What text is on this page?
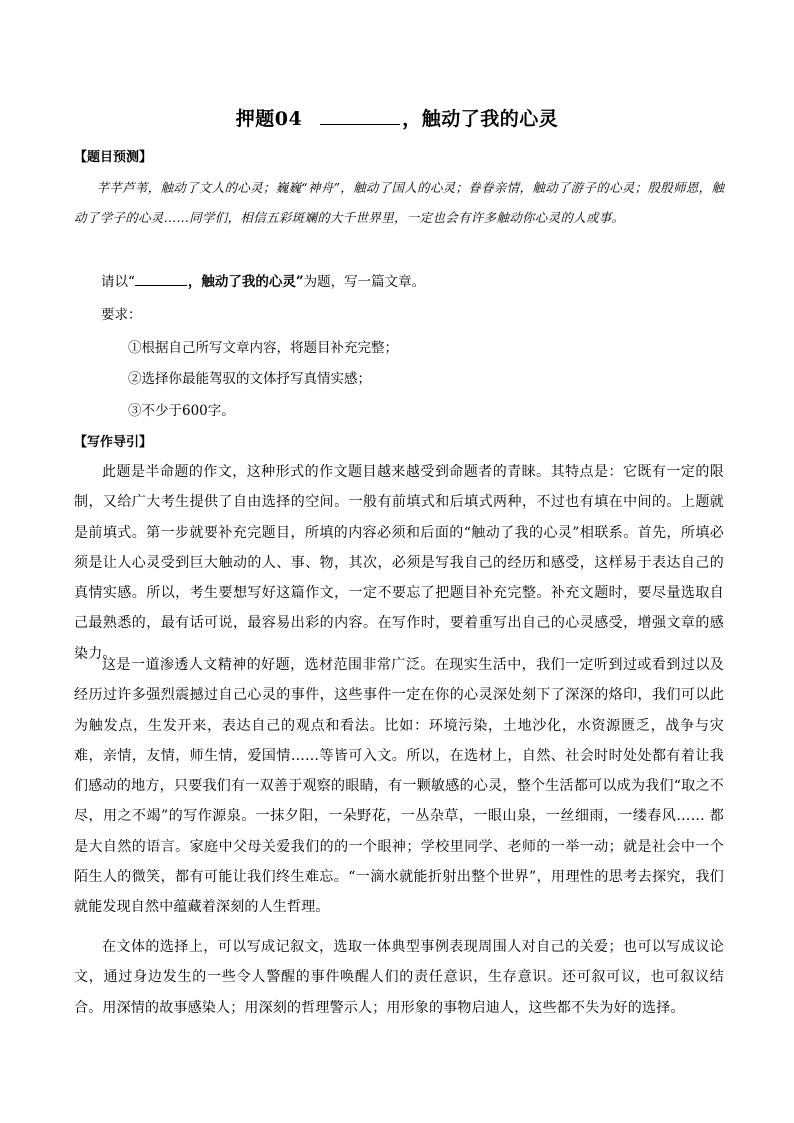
押题04	，触动了我的心灵
【题目预测】
芊芊芦苇，触动了文人的心灵；巍巍“神舟”，触动了国人的心灵；眷眷亲情，触动了游子的心灵；殷殷师恩，触动了学子的心灵……同学们，相信五彩斑斓的大千世界里，一定也会有许多触动你心灵的人或事。
请以“	，触动了我的心灵”为题，写一篇文章。
要求：
①根据自己所写文章内容，将题目补充完整；
②选择你最能驾驭的文体抒写真情实感；
③不少于600字。
【写作导引】
此题是半命题的作文，这种形式的作文题目越来越受到命题者的青睐。其特点是：它既有一定的限制，又给广大考生提供了自由选择的空间。一般有前填式和后填式两种，不过也有填在中间的。上题就是前填式。第一步就要补充完题目，所填的内容必须和后面的“触动了我的心灵”相联系。首先，所填必须是让人心灵受到巨大触动的人、事、物，其次，必须是写我自己的经历和感受，这样易于表达自己的真情实感。所以，考生要想写好这篇作文，一定不要忘了把题目补充完整。补充文题时，要尽量选取自己最熟悉的，最有话可说，最容易出彩的内容。在写作时，要着重写出自己的心灵感受，增强文章的感染力。
这是一道渗透人文精神的好题，选材范围非常广泛。在现实生活中，我们一定听到过或看到过以及经历过许多强烈震撼过自己心灵的事件，这些事件一定在你的心灵深处刻下了深深的烙印，我们可以此为触发点，生发开来，表达自己的观点和看法。比如：环境污染，土地沙化，水资源匮乏，战争与灾难，亲情，友情，师生情，爱国情……等皆可入文。所以，在选材上，自然、社会时时处处都有着让我们感动的地方，只要我们有一双善于观察的眼睛，有一颗敏感的心灵，整个生活都可以成为我们“取之不尽，用之不竭”的写作源泉。一抹夕阳，一朵野花，一丛杂草，一眼山泉，一丝细雨，一缕春风…… 都是大自然的语言。家庭中父母关爱我们的的一个眼神；学校里同学、老师的一举一动；就是社会中一个陌生人的微笑，都有可能让我们终生难忘。“一滴水就能折射出整个世界”，用理性的思考去探究，我们就能发现自然中蕴藏着深刻的人生哲理。
在文体的选择上，可以写成记叙文，选取一体典型事例表现周围人对自己的关爱；也可以写成议论文，通过身边发生的一些令人警醒的事件唤醒人们的责任意识，生存意识。还可叙可议，也可叙议结合。用深情的故事感染人；用深刻的哲理警示人；用形象的事物启迪人，这些都不失为好的选择。
